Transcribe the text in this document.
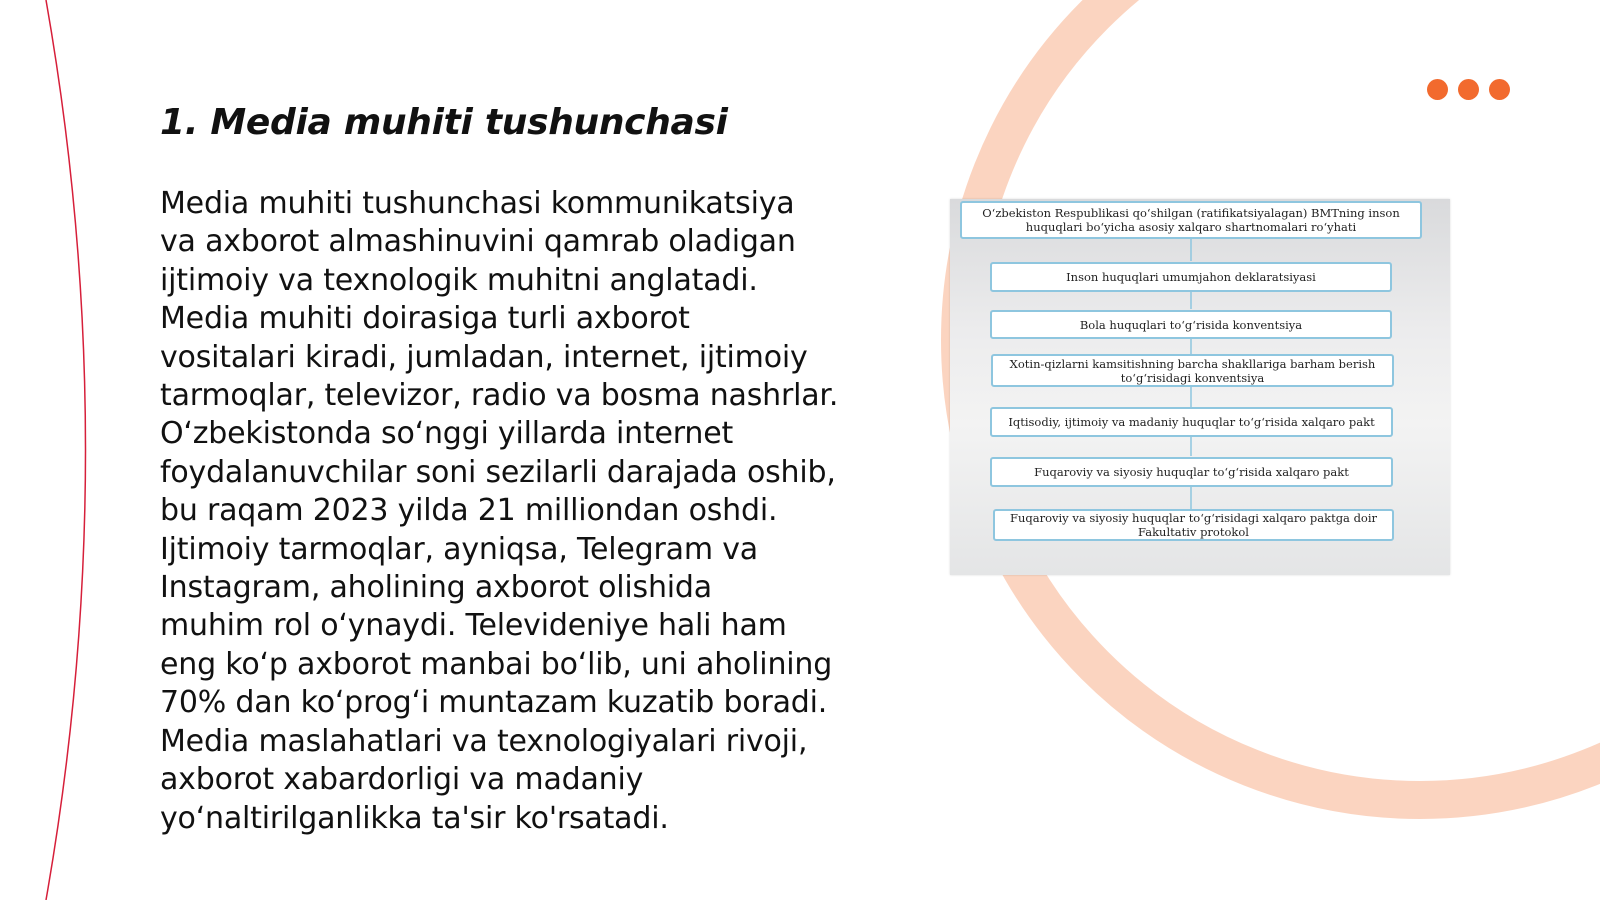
1. Media muhiti tushunchasi
Media muhiti tushunchasi kommunikatsiya
va axborot almashinuvini qamrab oladigan
ijtimoiy va texnologik muhitni anglatadi.
Media muhiti doirasiga turli axborot
vositalari kiradi, jumladan, internet, ijtimoiy
tarmoqlar, televizor, radio va bosma nashrlar.
O‘zbekistonda so‘nggi yillarda internet
foydalanuvchilar soni sezilarli darajada oshib,
bu raqam 2023 yilda 21 milliondan oshdi.
Ijtimoiy tarmoqlar, ayniqsa, Telegram va
Instagram, aholining axborot olishida
muhim rol o‘ynaydi. Televideniye hali ham
eng ko‘p axborot manbai bo‘lib, uni aholining
70% dan ko‘prog‘i muntazam kuzatib boradi.
Media maslahatlari va texnologiyalari rivoji,
axborot xabardorligi va madaniy
yo‘naltirilganlikka ta'sir ko'rsatadi.
O‘zbekiston Respublikasi qo‘shilgan (ratifikatsiyalagan) BMTning inson huquqlari bo‘yicha asosiy xalqaro shartnomalari ro‘yhati
Inson huquqlari umumjahon deklaratsiyasi
Bola huquqlari to‘g‘risida konventsiya
Xotin-qizlarni kamsitishning barcha shakllariga barham berish to‘g‘risidagi konventsiya
Iqtisodiy, ijtimoiy va madaniy huquqlar to‘g‘risida xalqaro pakt
Fuqaroviy va siyosiy huquqlar to‘g‘risida xalqaro pakt
Fuqaroviy va siyosiy huquqlar to‘g‘risidagi xalqaro paktga doir Fakultativ protokol
